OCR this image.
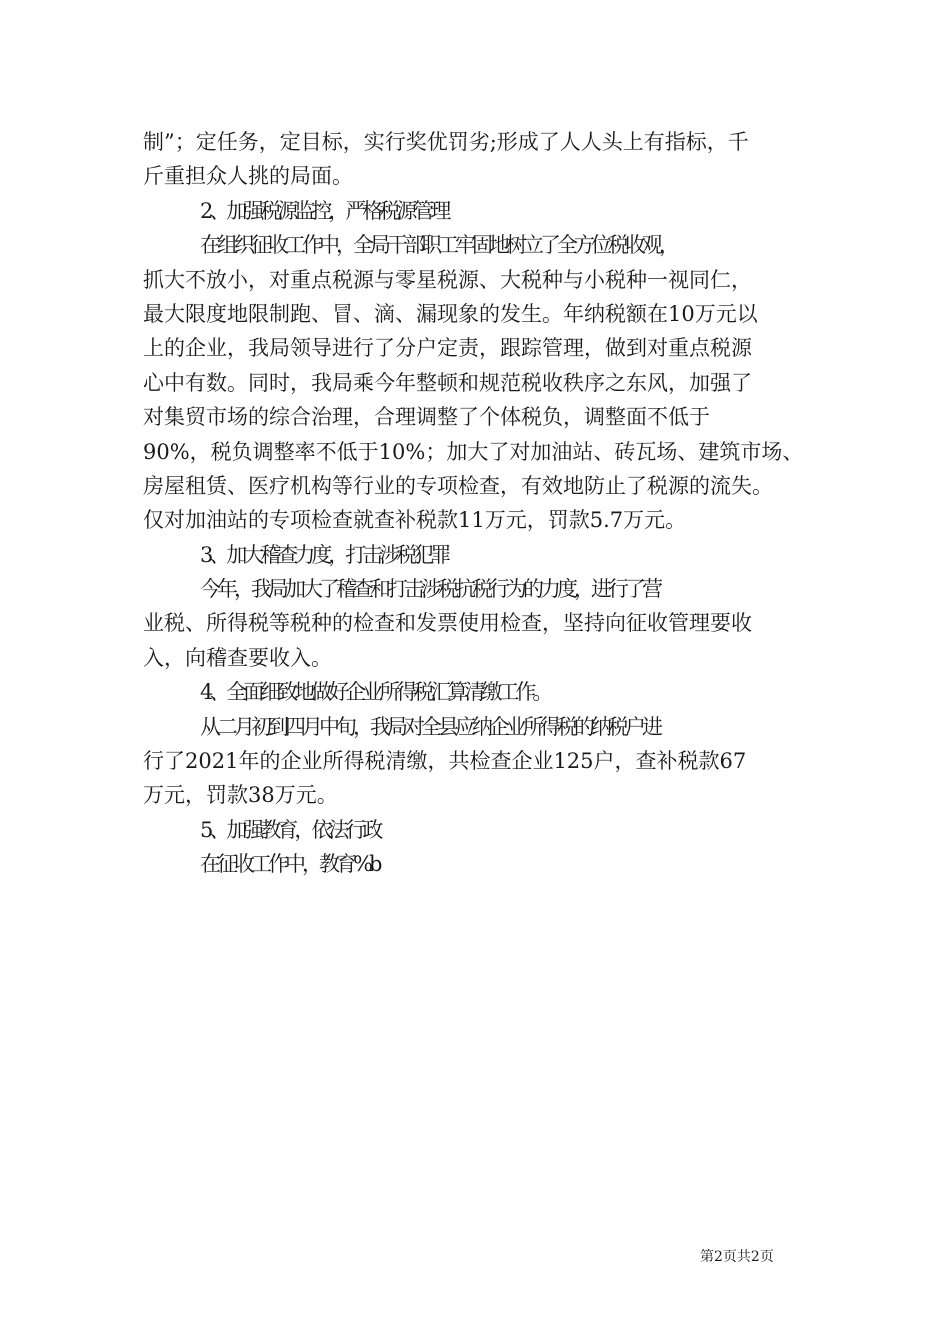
制”；定任务，定目标，实行奖优罚劣;形成了人人头上有指标，千
斤重担众人挑的局面。
2、加强税源监控，严格税源管理
在组织征收工作中，全局干部职工牢固地树立了全方位税收观，
抓大不放小，对重点税源与零星税源、大税种与小税种一视同仁，
最大限度地限制跑、冒、滴、漏现象的发生。年纳税额在10万元以
上的企业，我局领导进行了分户定责，跟踪管理，做到对重点税源
心中有数。同时，我局乘今年整顿和规范税收秩序之东风，加强了
对集贸市场的综合治理，合理调整了个体税负，调整面不低于
90%，税负调整率不低于10%；加大了对加油站、砖瓦场、建筑市场、
房屋租赁、医疗机构等行业的专项检查，有效地防止了税源的流失。
仅对加油站的专项检查就查补税款11万元，罚款5.7万元。
3、加大稽查力度，打击涉税犯罪
今年，我局加大了稽查和打击涉税抗税行为的力度，进行了营
业税、所得税等税种的检查和发票使用检查，坚持向征收管理要收
入，向稽查要收入。
4、全面细致地做好企业所得税汇算清缴工作。
从二月初到四月中旬，我局对全县应纳企业所得税的纳税户进
行了2021年的企业所得税清缴，共检查企业125户，查补税款67
万元，罚款38万元。
5、加强教育，依法行政
在征收工作中，教育%b
第2页共2页
